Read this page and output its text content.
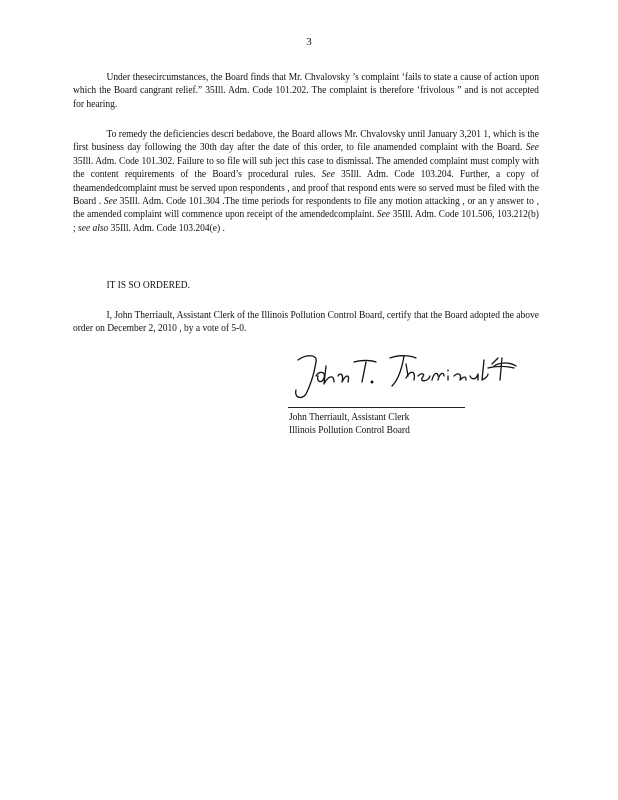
3

Under thesecircumstances, the Board finds that Mr. Chvalovsky ’s complaint ‘fails to state a cause of action upon which the Board cangrant relief.” 35Ill. Adm. Code 101.202. The complaint is therefore ‘frivolous ” and is not accepted for hearing.

To remedy the deficiencies descri bedabove, the Board allows Mr. Chvalovsky until January 3,201 1, which is the first business day following the 30th day after the date of this order, to file anamended complaint with the Board. See 35Ill. Adm. Code 101.302. Failure to so file will sub ject this case to dismissal. The amended complaint must comply with the content requirements of the Board’s procedural rules. See 35Ill. Adm. Code 103.204. Further, a copy of theamendedcomplaint must be served upon respondents , and proof that respond ents were so served must be filed with the Board . See 35Ill. Adm. Code 101.304 .The time periods for respondents to file any motion attacking , or an y answer to , the amended complaint will commence upon receipt of the amendedcomplaint. See 35Ill. Adm. Code 101.506, 103.212(b) ; see also 35Ill. Adm. Code 103.204(e) .

IT IS SO ORDERED.

I, John Therriault, Assistant Clerk of the Illinois Pollution Control Board, certify that the Board adopted the above order on December 2, 2010 , by a vote of 5-0.

John Therriault, Assistant Clerk
Illinois Pollution Control Board
